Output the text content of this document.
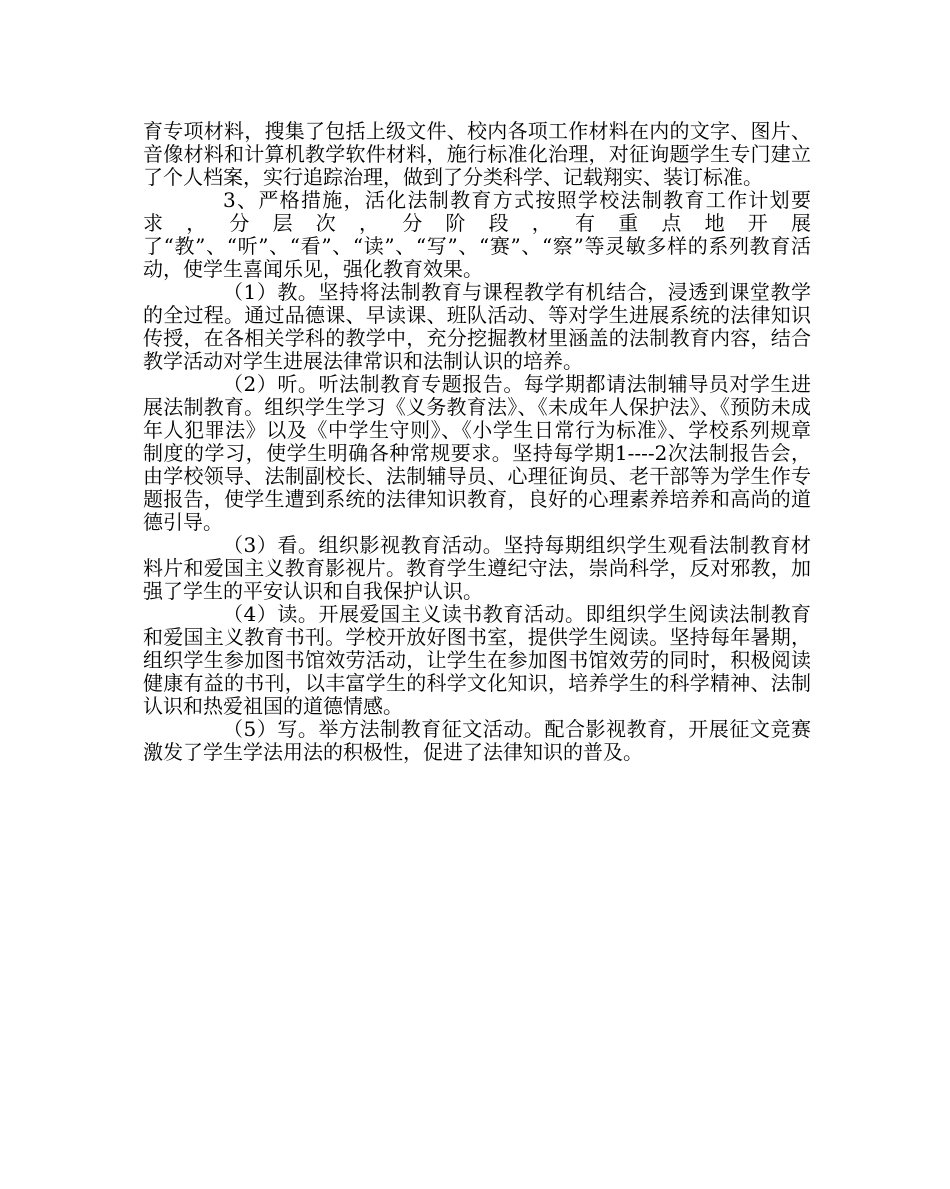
育专项材料，搜集了包括上级文件、校内各项工作材料在内的文字、图片、音像材料和计算机教学软件材料，施行标准化治理，对征询题学生专门建立了个人档案，实行追踪治理，做到了分类科学、记载翔实、装订标准。

3、严格措施，活化法制教育方式按照学校法制教育工作计划要求，分层次，分阶段，有重点地开展了“教”、“听”、“看”、“读”、“写”、“赛”、“察”等灵敏多样的系列教育活动，使学生喜闻乐见，强化教育效果。

（1）教。坚持将法制教育与课程教学有机结合，浸透到课堂教学的全过程。通过品德课、早读课、班队活动、等对学生进展系统的法律知识传授，在各相关学科的教学中，充分挖掘教材里涵盖的法制教育内容，结合教学活动对学生进展法律常识和法制认识的培养。

（2）听。听法制教育专题报告。每学期都请法制辅导员对学生进展法制教育。组织学生学习《义务教育法》、《未成年人保护法》、《预防未成年人犯罪法》以及《中学生守则》、《小学生日常行为标准》、学校系列规章制度的学习，使学生明确各种常规要求。坚持每学期1----2次法制报告会，由学校领导、法制副校长、法制辅导员、心理征询员、老干部等为学生作专题报告，使学生遭到系统的法律知识教育，良好的心理素养培养和高尚的道德引导。

（3）看。组织影视教育活动。坚持每期组织学生观看法制教育材料片和爱国主义教育影视片。教育学生遵纪守法，崇尚科学，反对邪教，加强了学生的平安认识和自我保护认识。

（4）读。开展爱国主义读书教育活动。即组织学生阅读法制教育和爱国主义教育书刊。学校开放好图书室，提供学生阅读。坚持每年暑期，组织学生参加图书馆效劳活动，让学生在参加图书馆效劳的同时，积极阅读健康有益的书刊，以丰富学生的科学文化知识，培养学生的科学精神、法制认识和热爱祖国的道德情感。

（5）写。举方法制教育征文活动。配合影视教育，开展征文竞赛激发了学生学法用法的积极性，促进了法律知识的普及。
